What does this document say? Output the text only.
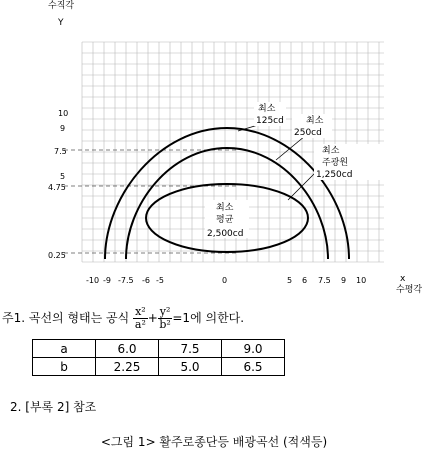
수직각
Y
x
수평각
10
9
7.5
5
4.75
0.25
-10 -9 -7.5 -6 -5	0	5 6 7.5 9 10
최소
125cd 최소
250cd
최소
주광원
1,250cd
최소
평균
2,500cd
주1. 곡선의 형태는 공식 $\frac{\text{x²}}{\text{a²}} + \frac{\text{y²}}{\text{b²}} =1$에 의한다.
a	6.0	7.5	9.0
b	2.25	5.0	6.5
2. [부록 2] 참조
<그림 1> 활주로종단등 배광곡선 (적색등)
